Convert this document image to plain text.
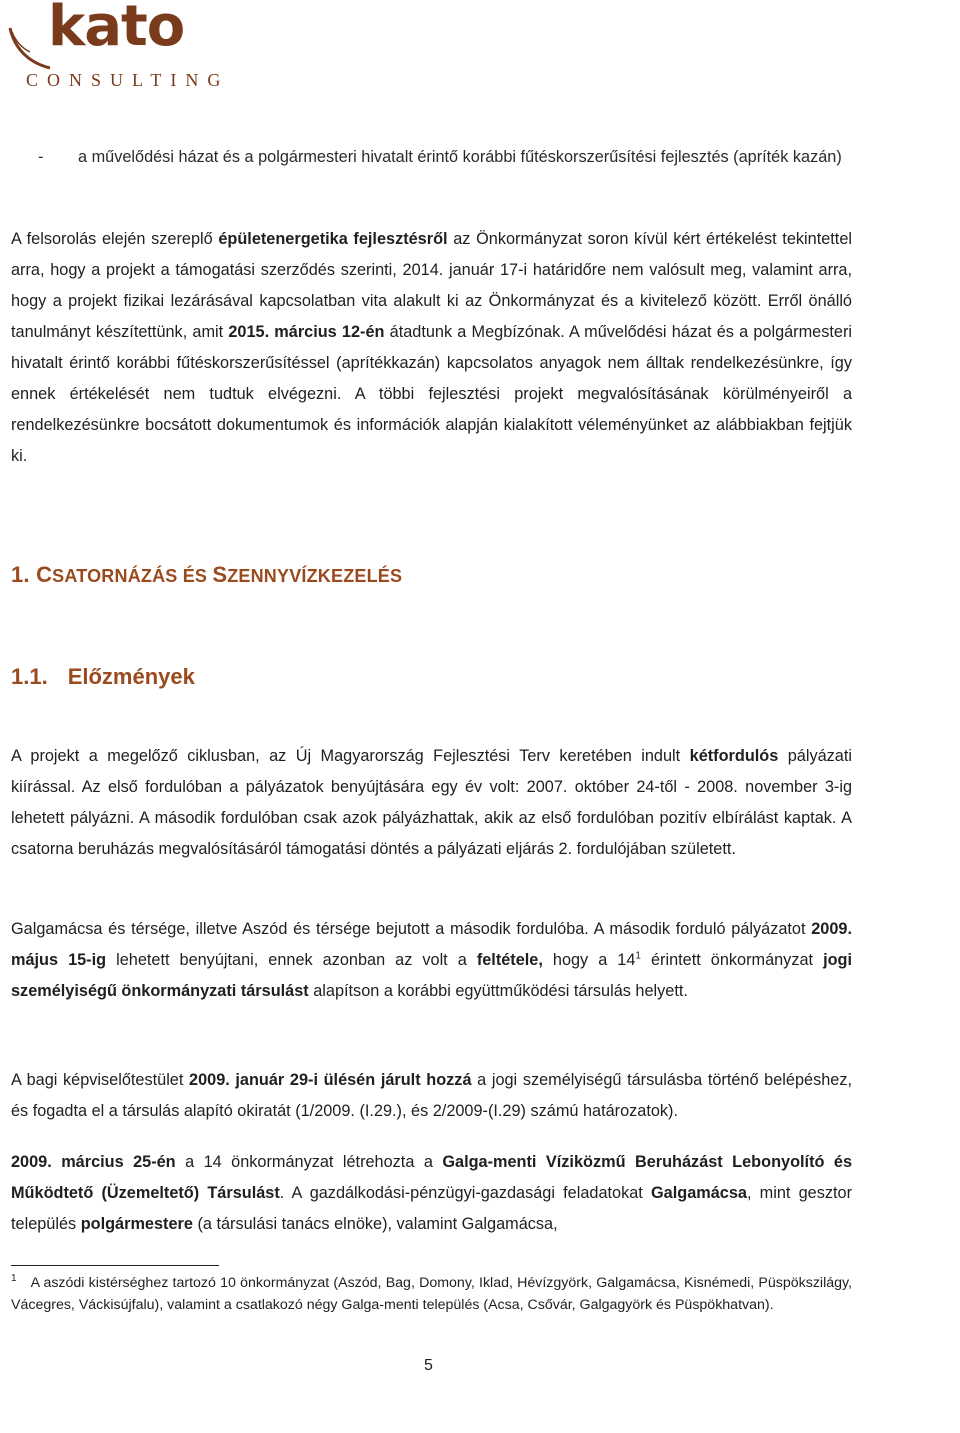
kato
CONSULTING
-	a művelődési házat és a polgármesteri hivatalt érintő korábbi fűtéskorszerűsítési fejlesztés (apríték kazán)

A felsorolás elején szereplő épületenergetika fejlesztésről az Önkormányzat soron kívül kért értékelést tekintettel arra, hogy a projekt a támogatási szerződés szerinti, 2014. január 17-i határidőre nem valósult meg, valamint arra, hogy a projekt fizikai lezárásával kapcsolatban vita alakult ki az Önkormányzat és a kivitelező között. Erről önálló tanulmányt készítettünk, amit 2015. március 12-én átadtunk a Megbízónak. A művelődési házat és a polgármesteri hivatalt érintő korábbi fűtéskorszerűsítéssel (aprítékkazán) kapcsolatos anyagok nem álltak rendelkezésünkre, így ennek értékelését nem tudtuk elvégezni. A többi fejlesztési projekt megvalósításának körülményeiről a rendelkezésünkre bocsátott dokumentumok és információk alapján kialakított véleményünket az alábbiakban fejtjük ki.

1. CSATORNÁZÁS ÉS SZENNYVÍZKEZELÉS
1.1. Előzmények

A projekt a megelőző ciklusban, az Új Magyarország Fejlesztési Terv keretében indult kétfordulós pályázati kiírással. Az első fordulóban a pályázatok benyújtására egy év volt: 2007. október 24-től - 2008. november 3-ig lehetett pályázni. A második fordulóban csak azok pályázhattak, akik az első fordulóban pozitív elbírálást kaptak. A csatorna beruházás megvalósításáról támogatási döntés a pályázati eljárás 2. fordulójában született.

Galgamácsa és térsége, illetve Aszód és térsége bejutott a második fordulóba. A második forduló pályázatot 2009. május 15-ig lehetett benyújtani, ennek azonban az volt a feltétele, hogy a $14^1$ érintett önkormányzat jogi személyiségű önkormányzati társulást alapítson a korábbi együttműködési társulás helyett.

A bagi képviselőtestület 2009. január 29-i ülésén járult hozzá a jogi személyiségű társulásba történő belépéshez, és fogadta el a társulás alapító okiratát (1/2009. (I.29.), és 2/2009-(I.29) számú határozatok).

2009. március 25-én a 14 önkormányzat létrehozta a Galga-menti Víziközmű Beruházást Lebonyolító és Működtető (Üzemeltető) Társulást. A gazdálkodási-pénzügyi-gazdasági feladatokat Galgamácsa, mint gesztor település polgármestere (a társulási tanács elnöke), valamint Galgamácsa,

$^1$ A aszódi kistérséghez tartozó 10 önkormányzat (Aszód, Bag, Domony, Iklad, Hévízgyörk, Galgamácsa, Kisnémedi, Püspökszilágy, Vácegres, Váckisújfalu), valamint a csatlakozó négy Galga-menti település (Acsa, Csővár, Galgagyörk és Püspökhatvan).
5
